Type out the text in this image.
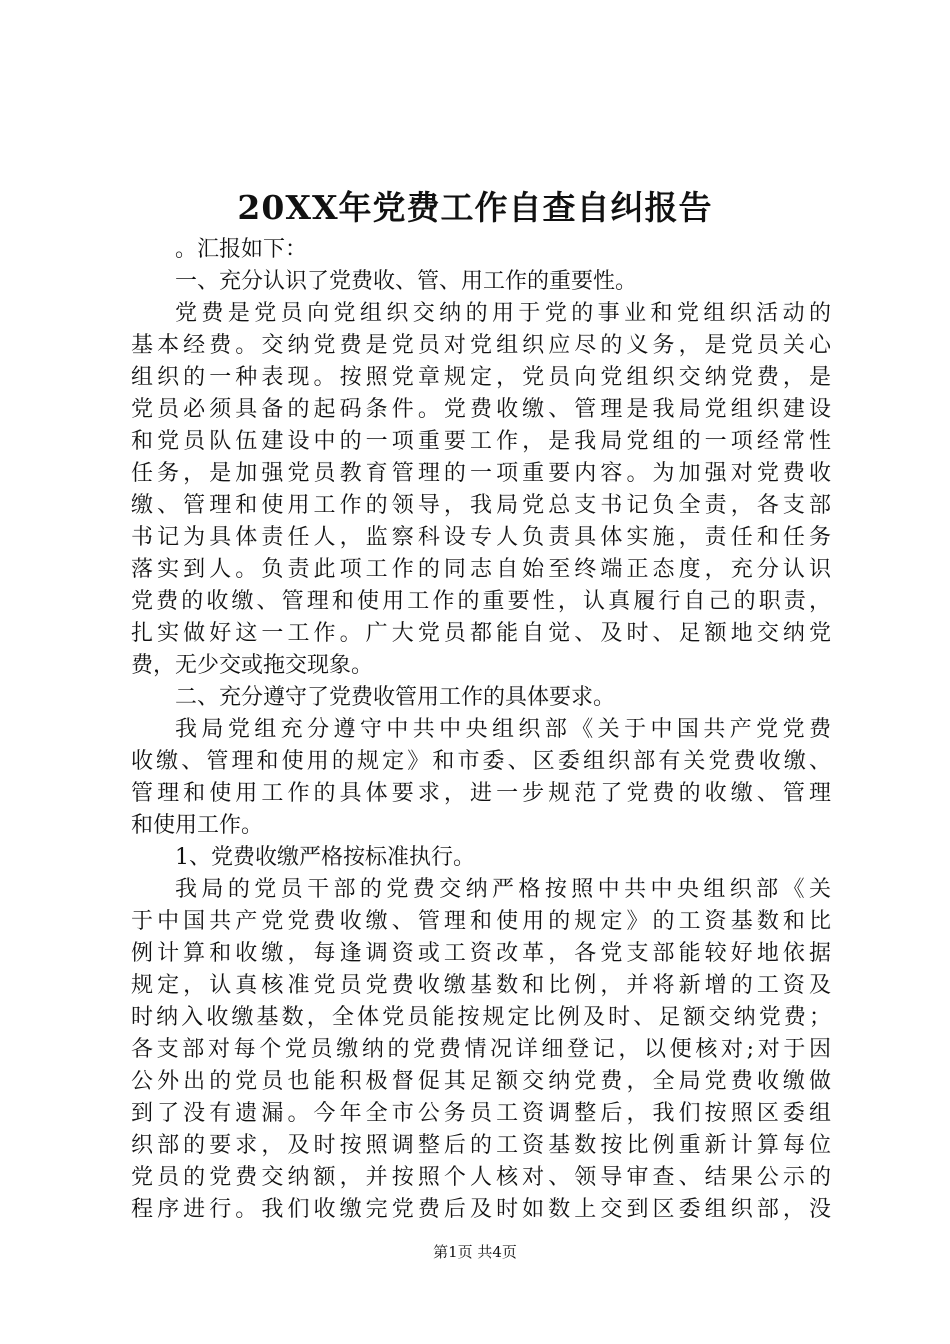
20XX年党费工作自查自纠报告
。汇报如下：
一、充分认识了党费收、管、用工作的重要性。
党费是党员向党组织交纳的用于党的事业和党组织活动的
基本经费。交纳党费是党员对党组织应尽的义务，是党员关心
组织的一种表现。按照党章规定，党员向党组织交纳党费，是
党员必须具备的起码条件。党费收缴、管理是我局党组织建设
和党员队伍建设中的一项重要工作，是我局党组的一项经常性
任务，是加强党员教育管理的一项重要内容。为加强对党费收
缴、管理和使用工作的领导，我局党总支书记负全责，各支部
书记为具体责任人，监察科设专人负责具体实施，责任和任务
落实到人。负责此项工作的同志自始至终端正态度，充分认识
党费的收缴、管理和使用工作的重要性，认真履行自己的职责，
扎实做好这一工作。广大党员都能自觉、及时、足额地交纳党
费，无少交或拖交现象。
二、充分遵守了党费收管用工作的具体要求。
我局党组充分遵守中共中央组织部《关于中国共产党党费
收缴、管理和使用的规定》和市委、区委组织部有关党费收缴、
管理和使用工作的具体要求，进一步规范了党费的收缴、管理
和使用工作。
1、党费收缴严格按标准执行。
我局的党员干部的党费交纳严格按照中共中央组织部《关
于中国共产党党费收缴、管理和使用的规定》的工资基数和比
例计算和收缴，每逢调资或工资改革，各党支部能较好地依据
规定，认真核准党员党费收缴基数和比例，并将新增的工资及
时纳入收缴基数，全体党员能按规定比例及时、足额交纳党费；
各支部对每个党员缴纳的党费情况详细登记，以便核对;对于因
公外出的党员也能积极督促其足额交纳党费，全局党费收缴做
到了没有遗漏。今年全市公务员工资调整后，我们按照区委组
织部的要求，及时按照调整后的工资基数按比例重新计算每位
党员的党费交纳额，并按照个人核对、领导审查、结果公示的
程序进行。我们收缴完党费后及时如数上交到区委组织部，没
第1页 共4页
